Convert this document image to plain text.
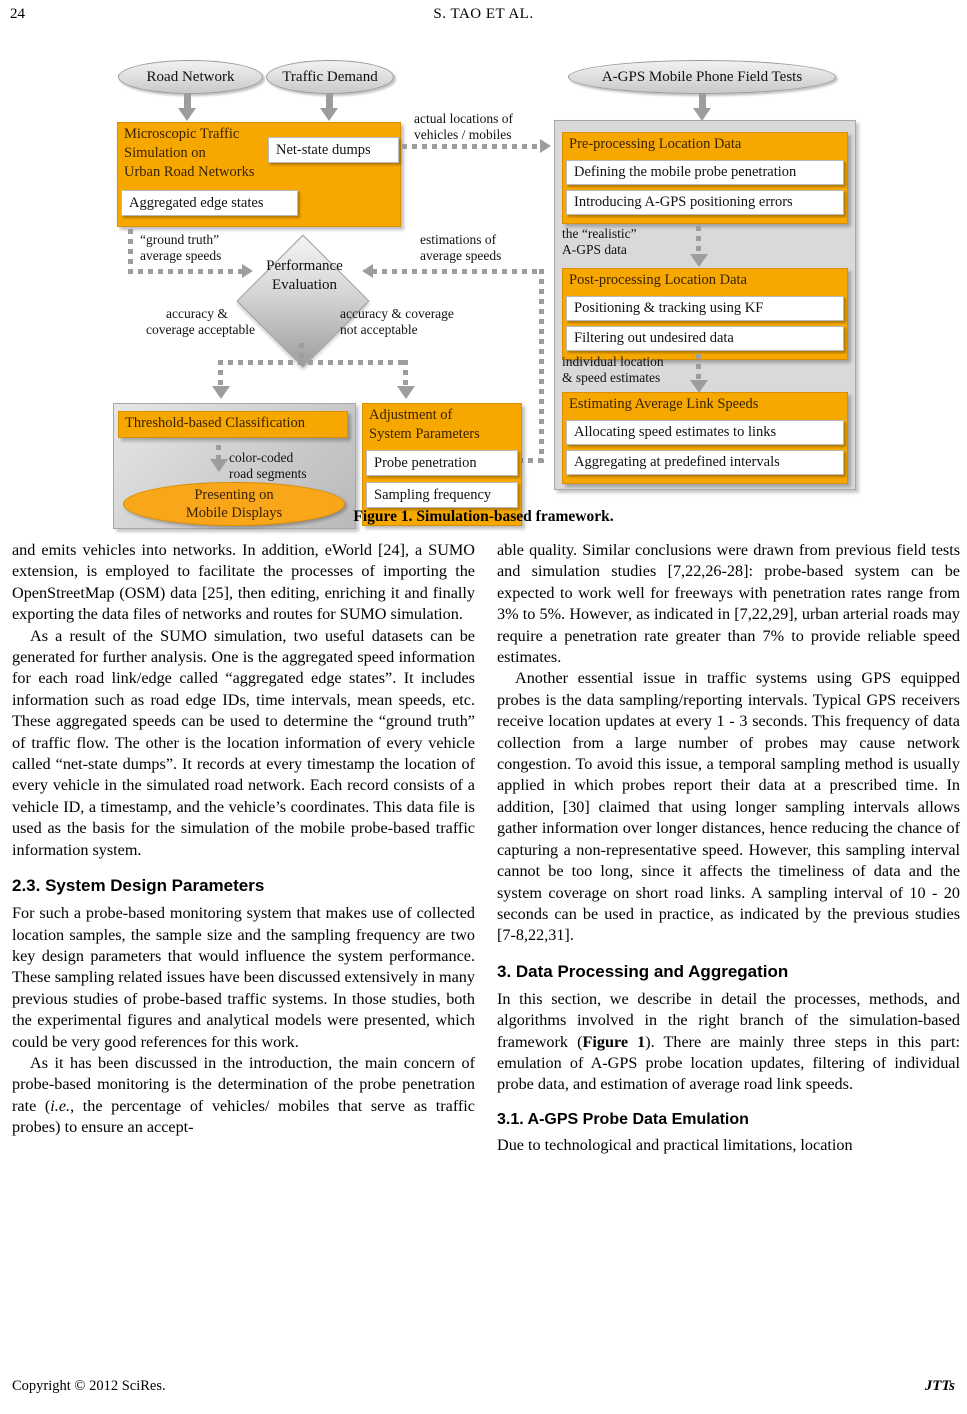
24	S. TAO ET AL.
Road Network	Traffic Demand	A-GPS Mobile Phone Field Tests
Microscopic Traffic
Simulation on
Urban Road Networks
Net-state dumps
Aggregated edge states
actual locations of
vehicles / mobiles
Pre-processing Location Data
Defining the mobile probe penetration
Introducing A-GPS positioning errors
the “realistic”
A-GPS data
Post-processing Location Data
Positioning & tracking using KF
Filtering out undesired data
individual location
& speed estimates
Estimating Average Link Speeds
Allocating speed estimates to links
Aggregating at predefined intervals
Performance
Evaluation
“ground truth”
average speeds
estimations of
average speeds
accuracy &
coverage acceptable
accuracy & coverage
not acceptable
Threshold-based Classification
color-coded
road segments
Presenting on
Mobile Displays
Adjustment of
System Parameters
Probe penetration
Sampling frequency
Figure 1. Simulation-based framework.

and emits vehicles into networks. In addition, eWorld [24], a SUMO extension, is employed to facilitate the processes of importing the OpenStreetMap (OSM) data [25], then editing, enriching it and finally exporting the data files of networks and routes for SUMO simulation.

As a result of the SUMO simulation, two useful datasets can be generated for further analysis. One is the aggregated speed information for each road link/edge called “aggregated edge states”. It includes information such as road edge IDs, time intervals, mean speeds, etc. These aggregated speeds can be used to determine the “ground truth” of traffic flow. The other is the location information of every vehicle called “net-state dumps”. It records at every timestamp the location of every vehicle in the simulated road network. Each record consists of a vehicle ID, a timestamp, and the vehicle’s coordinates. This data file is used as the basis for the simulation of the mobile probe-based traffic information system.

2.3. System Design Parameters

For such a probe-based monitoring system that makes use of collected location samples, the sample size and the sampling frequency are two key design parameters that would influence the system performance. These sampling related issues have been discussed extensively in many previous studies of probe-based traffic systems. In those studies, both the experimental figures and analytical models were presented, which could be very good references for this work.

As it has been discussed in the introduction, the main concern of probe-based monitoring is the determination of the probe penetration rate (i.e., the percentage of vehicles/ mobiles that serve as traffic probes) to ensure an accept-

able quality. Similar conclusions were drawn from previous field tests and simulation studies [7,22,26-28]: probe-based system can be expected to work well for freeways with penetration rates range from 3% to 5%. However, as indicated in [7,22,29], urban arterial roads may require a penetration rate greater than 7% to provide reliable speed estimates.

Another essential issue in traffic systems using GPS equipped probes is the data sampling/reporting intervals. Typical GPS receivers receive location updates at every 1 - 3 seconds. This frequency of data collection from a large number of probes may cause network congestion. To avoid this issue, a temporal sampling method is usually applied in which probes report their data at a prescribed time. In addition, [30] claimed that using longer sampling intervals allows gather information over longer distances, hence reducing the chance of capturing a non-representative speed. However, this sampling interval cannot be too long, since it affects the timeliness of data and the system coverage on short road links. A sampling interval of 10 - 20 seconds can be used in practice, as indicated by the previous studies [7-8,22,31].

3. Data Processing and Aggregation

In this section, we describe in detail the processes, methods, and algorithms involved in the right branch of the simulation-based framework (Figure 1). There are mainly three steps in this part: emulation of A-GPS probe location updates, filtering of individual probe data, and estimation of average road link speeds.

3.1. A-GPS Probe Data Emulation

Due to technological and practical limitations, location

Copyright © 2012 SciRes.	JTTs
